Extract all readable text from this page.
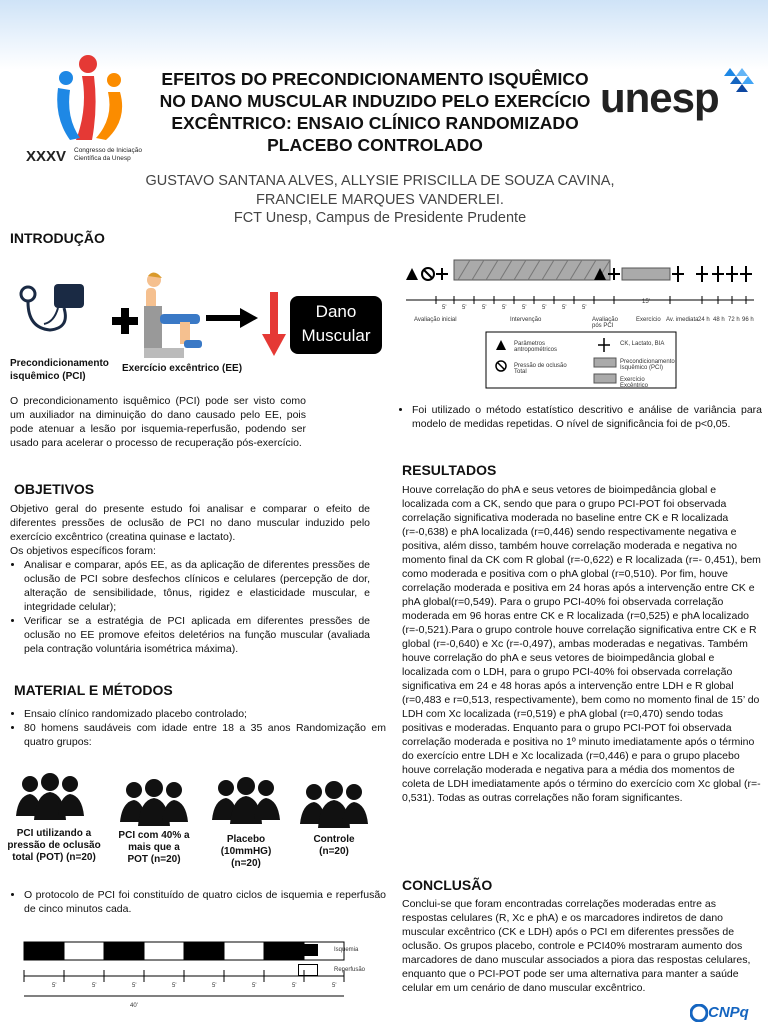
XXXV Congresso de Iniciação
Científica da Unesp
EFEITOS DO PRECONDICIONAMENTO ISQUÊMICO
NO DANO MUSCULAR INDUZIDO PELO EXERCÍCIO
EXCÊNTRICO: ENSAIO CLÍNICO RANDOMIZADO
PLACEBO CONTROLADO
GUSTAVO SANTANA ALVES, ALLYSIE PRISCILLA DE SOUZA CAVINA,
FRANCIELE MARQUES VANDERLEI.
FCT Unesp, Campus de Presidente Prudente
unesp
INTRODUÇÃO
Dano
Muscular
Precondicionamento
isquêmico (PCI)
Exercício excêntrico (EE)
O precondicionamento isquêmico (PCI) pode ser visto como um auxiliador na diminuição do dano causado pelo EE, pois pode atenuar a lesão por isquemia-reperfusão, podendo ser usado para acelerar o processo de recuperação pós-exercício.
OBJETIVOS
Objetivo geral do presente estudo foi analisar e comparar o efeito de diferentes pressões de oclusão de PCI no dano muscular induzido pelo exercício excêntrico (creatina quinase e lactato).
Os objetivos específicos foram:
• Analisar e comparar, após EE, as da aplicação de diferentes pressões de oclusão de PCI sobre desfechos clínicos e celulares (percepção de dor, alteração de sensibilidade, tônus, rigidez e elasticidade muscular, e integridade celular);
• Verificar se a estratégia de PCI aplicada em diferentes pressões de oclusão no EE promove efeitos deletérios na função muscular (avaliada pela contração voluntária isométrica máxima).
MATERIAL E MÉTODOS
• Ensaio clínico randomizado placebo controlado;
• 80 homens saudáveis com idade entre 18 a 35 anos Randomização em quatro grupos:
PCI utilizando a
pressão de oclusão
total (POT) (n=20)
PCI com 40% a
mais que a
POT (n=20)
Placebo
(10mmHG)
(n=20)
Controle
(n=20)
• O protocolo de PCI foi constituído de quatro ciclos de isquemia e reperfusão de cinco minutos cada.
5'	5'	5'	5'	5'	5'	5'	5'
40'
Isquemia
Reperfusão
Avaliação inicial	Intervenção	Avaliação pós PCI
Exercício Av. imediata 24 h 48 h 72 h 96 h
5'	5'	5'	5'	5'	5'	5'	5'
15'
Parâmetros antropométricos
Pressão de oclusão Total
CK, Lactato, BIA
Precondicionamento Isquêmico (PCI)
Exercício Excêntrico
• Foi utilizado o método estatístico descritivo e análise de variância para modelo de medidas repetidas. O nível de significância foi de p<0,05.
RESULTADOS
Houve correlação do phA e seus vetores de bioimpedância global e localizada com a CK, sendo que para o grupo PCI-POT foi observada correlação significativa moderada no baseline entre CK e R localizada (r=-0,638) e phA localizada (r=0,446) sendo respectivamente negativa e positiva, além disso, também houve correlação moderada e negativa no momento final da CK com R global (r=-0,622) e R localizada (r=- 0,451), bem como moderada e positiva com o phA global (r=0,510). Por fim, houve correlação moderada e positiva em 24 horas após a intervenção entre CK e phA global(r=0,549). Para o grupo PCI-40% foi observada correlação moderada em 96 horas entre CK e R localizada (r=0,525) e phA localizado (r=-0,521).Para o grupo controle houve correlação significativa entre CK e R global (r=-0,640) e Xc (r=-0,497), ambas moderadas e negativas. Também houve correlação do phA e seus vetores de bioimpedância global e localizada com o LDH, para o grupo PCI-40% foi observada correlação significativa em 24 e 48 horas após a intervenção entre LDH e R global (r=0,483 e r=0,513, respectivamente), bem como no momento final de 15’ do LDH com Xc localizada (r=0,519) e phA global (r=0,470) sendo todas positivas e moderadas. Enquanto para o grupo PCI-POT foi observada correlação moderada e positiva no 1º minuto imediatamente após o término do exercício entre LDH e Xc localizada (r=0,446) e para o grupo placebo houve correlação moderada e negativa para a média dos momentos de coleta de LDH imediatamente após o término do exercício com Xc global (r=- 0,531). Todas as outras correlações não foram significantes.
CONCLUSÃO
Conclui-se que foram encontradas correlações moderadas entre as respostas celulares (R, Xc e phA) e os marcadores indiretos de dano muscular excêntrico (CK e LDH) após o PCI em diferentes pressões de oclusão. Os grupos placebo, controle e PCI40% mostraram aumento dos marcadores de dano muscular associados a piora das respostas celulares, enquanto que o PCI-POT pode ser uma alternativa para manter a saúde celular em um cenário de dano muscular excêntrico.
CNPq
